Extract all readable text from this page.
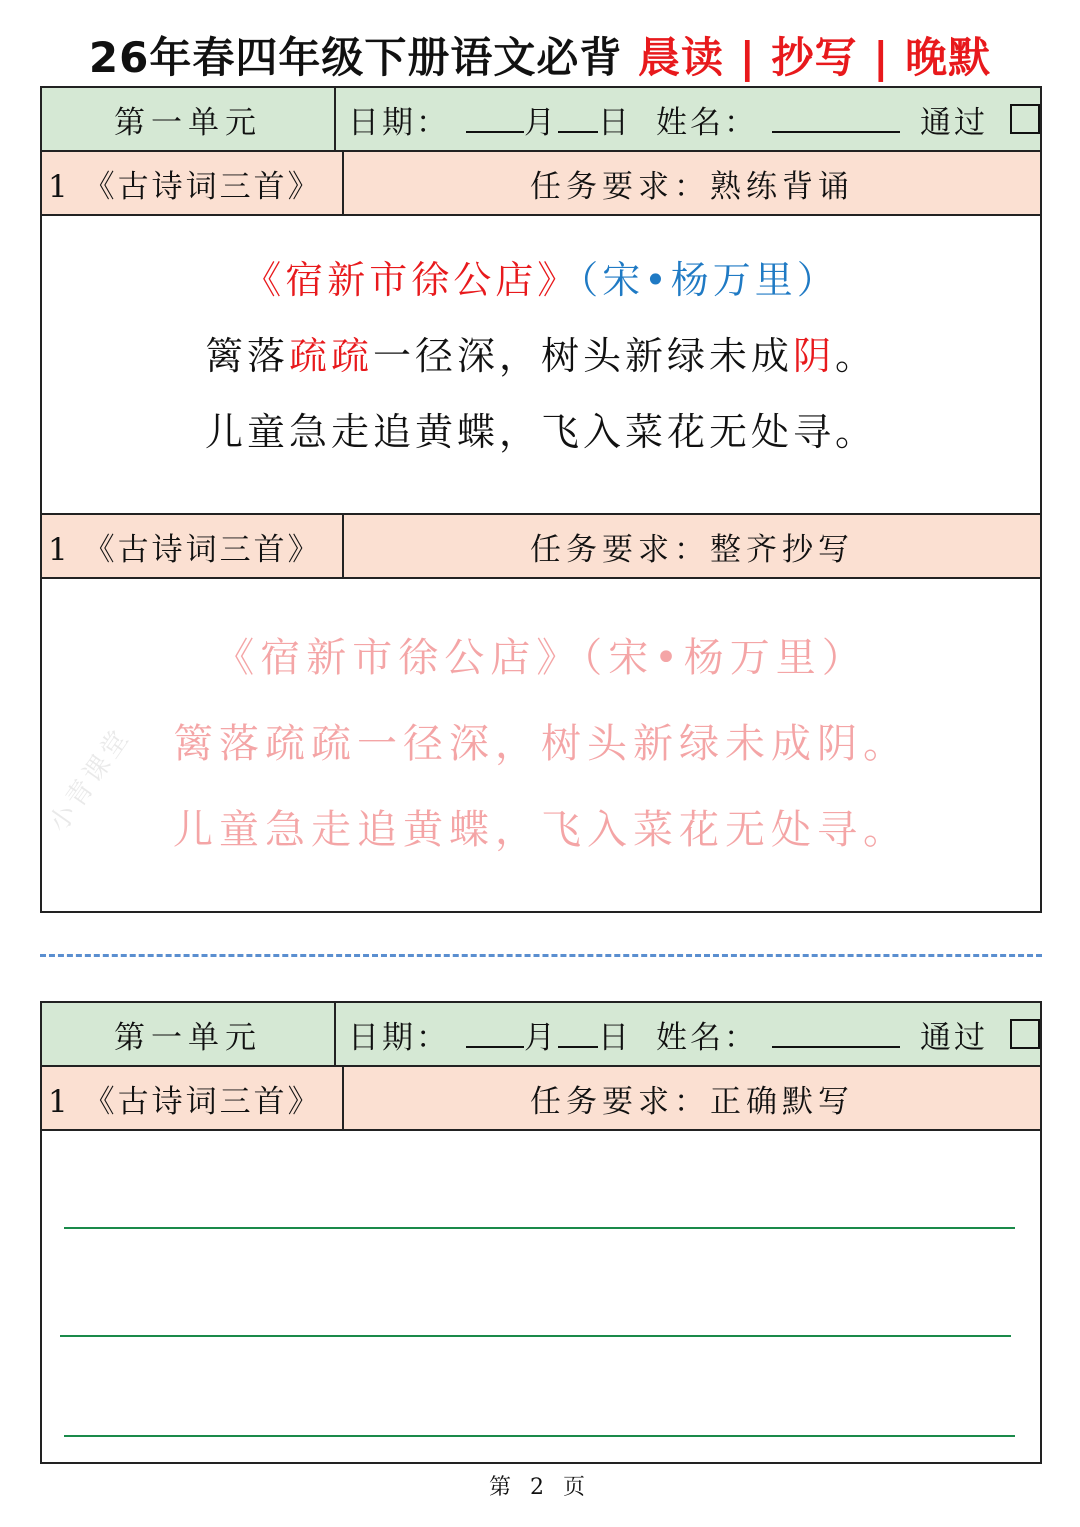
26年春四年级下册语文必背 晨读 | 抄写 | 晚默
第一单元	日期： 月 日 姓名：	通过
1 《古诗词三首》	任务要求：熟练背诵
《宿新市徐公店》（宋•杨万里）
篱落疏疏一径深，树头新绿未成阴。
儿童急走追黄蝶，飞入菜花无处寻。
1 《古诗词三首》	任务要求：整齐抄写
《宿新市徐公店》（宋•杨万里）
篱落疏疏一径深，树头新绿未成阴。
儿童急走追黄蝶，飞入菜花无处寻。
小青课堂
第一单元	日期： 月 日 姓名：	通过
1 《古诗词三首》	任务要求：正确默写
第 2 页
